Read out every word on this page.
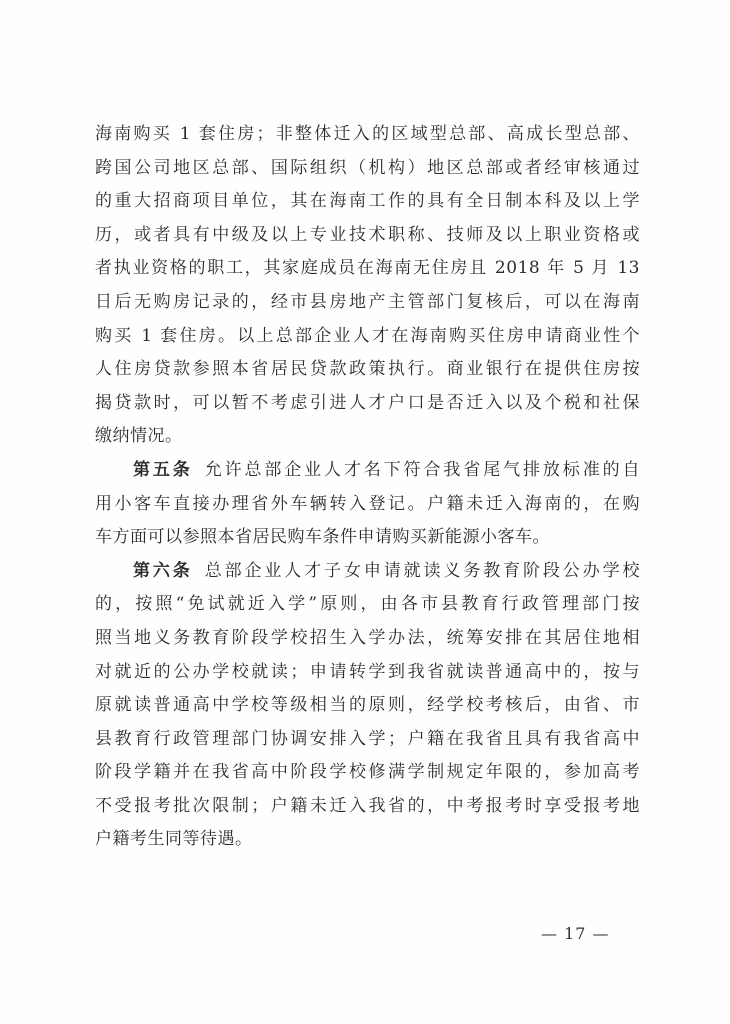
海南购买 1 套住房；非整体迁入的区域型总部、高成长型总部、
跨国公司地区总部、国际组织（机构）地区总部或者经审核通过
的重大招商项目单位，其在海南工作的具有全日制本科及以上学
历，或者具有中级及以上专业技术职称、技师及以上职业资格或
者执业资格的职工，其家庭成员在海南无住房且 2018 年 5 月 13
日后无购房记录的，经市县房地产主管部门复核后，可以在海南
购买 1 套住房。以上总部企业人才在海南购买住房申请商业性个
人住房贷款参照本省居民贷款政策执行。商业银行在提供住房按
揭贷款时，可以暂不考虑引进人才户口是否迁入以及个税和社保
缴纳情况。
第五条 允许总部企业人才名下符合我省尾气排放标准的自
用小客车直接办理省外车辆转入登记。户籍未迁入海南的，在购
车方面可以参照本省居民购车条件申请购买新能源小客车。
第六条 总部企业人才子女申请就读义务教育阶段公办学校
的，按照“免试就近入学”原则，由各市县教育行政管理部门按
照当地义务教育阶段学校招生入学办法，统筹安排在其居住地相
对就近的公办学校就读；申请转学到我省就读普通高中的，按与
原就读普通高中学校等级相当的原则，经学校考核后，由省、市
县教育行政管理部门协调安排入学；户籍在我省且具有我省高中
阶段学籍并在我省高中阶段学校修满学制规定年限的，参加高考
不受报考批次限制；户籍未迁入我省的，中考报考时享受报考地
户籍考生同等待遇。
— 17 —
